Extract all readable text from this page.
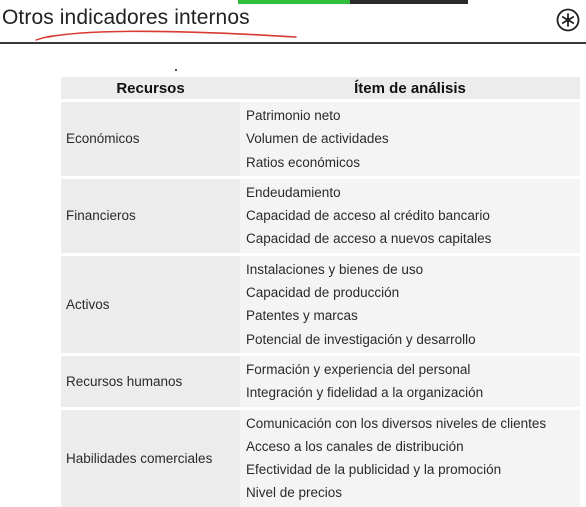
Otros indicadores internos
Recursos	Ítem de análisis
Económicos	Patrimonio neto
Volumen de actividades
Ratios económicos

Financieros	Endeudamiento
Capacidad de acceso al crédito bancario
Capacidad de acceso a nuevos capitales

Activos	Instalaciones y bienes de uso
Capacidad de producción
Patentes y marcas
Potencial de investigación y desarrollo

Recursos humanos	Formación y experiencia del personal
Integración y fidelidad a la organización

Habilidades comerciales	Comunicación con los diversos niveles de clientes
Acceso a los canales de distribución
Efectividad de la publicidad y la promoción
Nivel de precios
